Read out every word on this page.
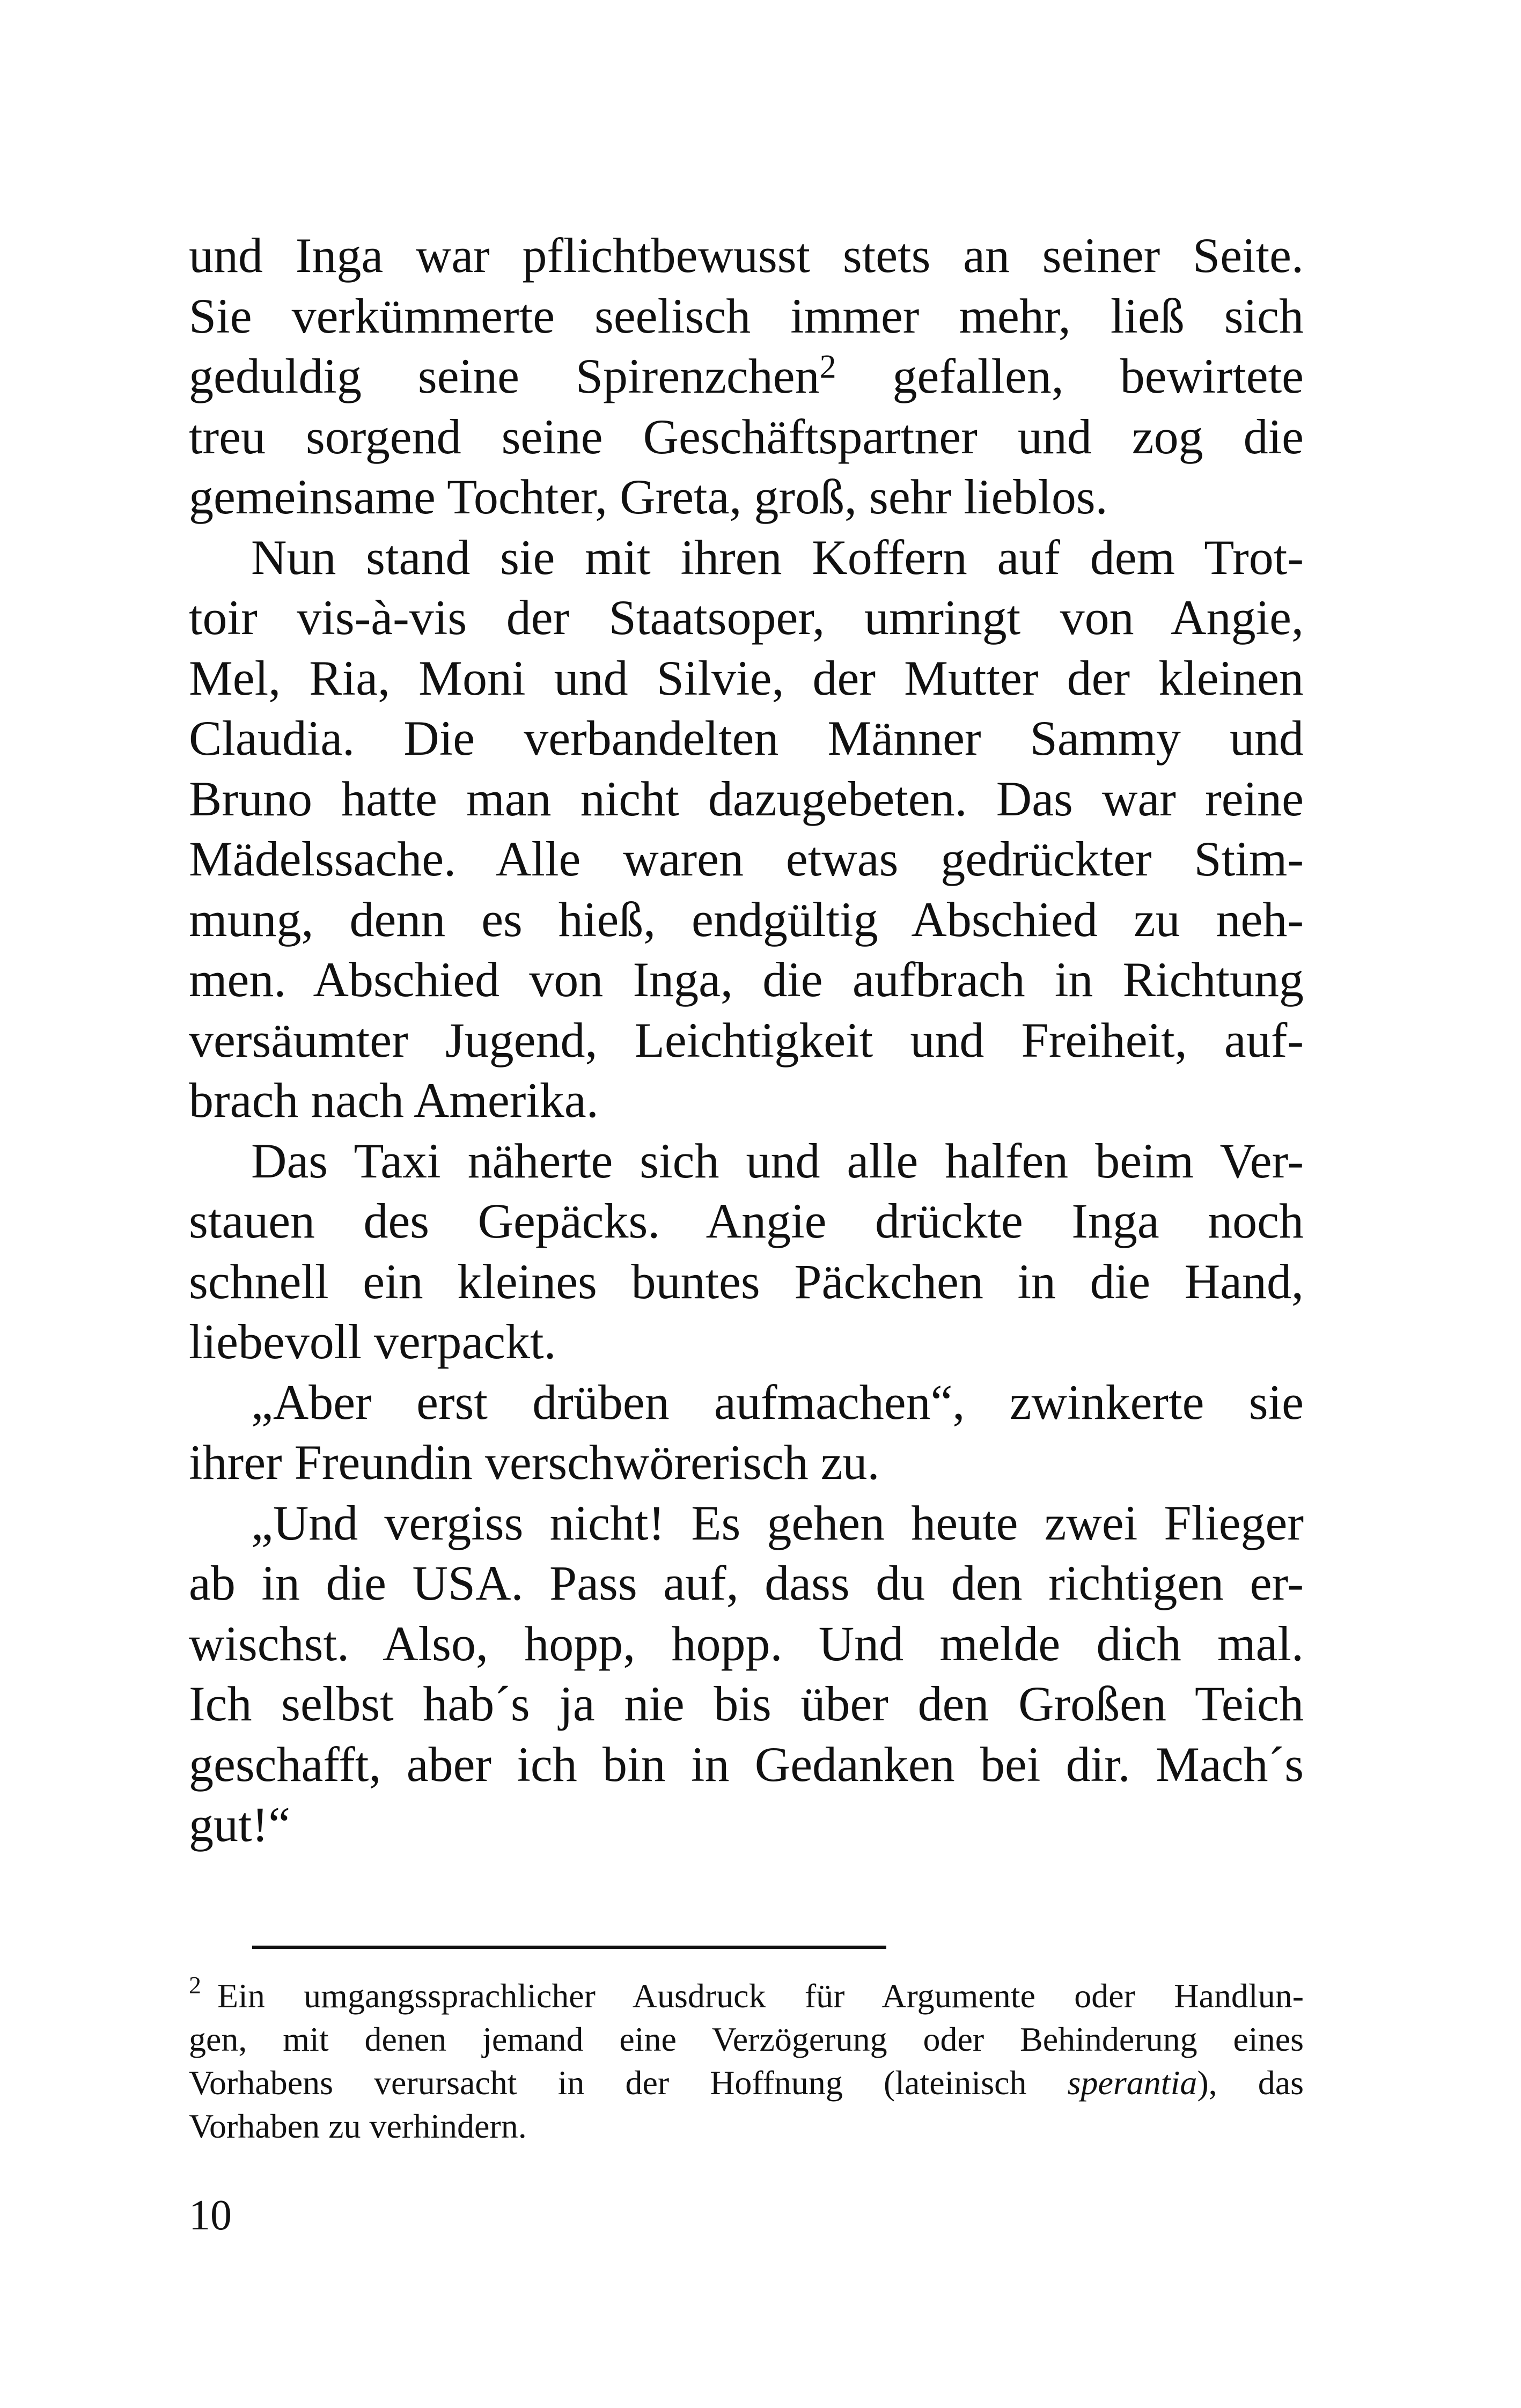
und Inga war pflichtbewusst stets an seiner Seite.
Sie verkümmerte seelisch immer mehr, ließ sich
geduldig seine Spirenzchen$^2$ gefallen, bewirtete
treu sorgend seine Geschäftspartner und zog die
gemeinsame Tochter, Greta, groß, sehr lieblos.
Nun stand sie mit ihren Koffern auf dem Trot-
toir vis-à-vis der Staatsoper, umringt von Angie,
Mel, Ria, Moni und Silvie, der Mutter der kleinen
Claudia. Die verbandelten Männer Sammy und
Bruno hatte man nicht dazugebeten. Das war reine
Mädelssache. Alle waren etwas gedrückter Stim-
mung, denn es hieß, endgültig Abschied zu neh-
men. Abschied von Inga, die aufbrach in Richtung
versäumter Jugend, Leichtigkeit und Freiheit, auf-
brach nach Amerika.
Das Taxi näherte sich und alle halfen beim Ver-
stauen des Gepäcks. Angie drückte Inga noch
schnell ein kleines buntes Päckchen in die Hand,
liebevoll verpackt.
„Aber erst drüben aufmachen“, zwinkerte sie
ihrer Freundin verschwörerisch zu.
„Und vergiss nicht! Es gehen heute zwei Flieger
ab in die USA. Pass auf, dass du den richtigen er-
wischst. Also, hopp, hopp. Und melde dich mal.
Ich selbst hab´s ja nie bis über den Großen Teich
geschafft, aber ich bin in Gedanken bei dir. Mach´s
gut!“
$^2$ Ein umgangssprachlicher Ausdruck für Argumente oder Handlun-
gen, mit denen jemand eine Verzögerung oder Behinderung eines
Vorhabens verursacht in der Hoffnung (lateinisch sperantia), das
Vorhaben zu verhindern.
10
